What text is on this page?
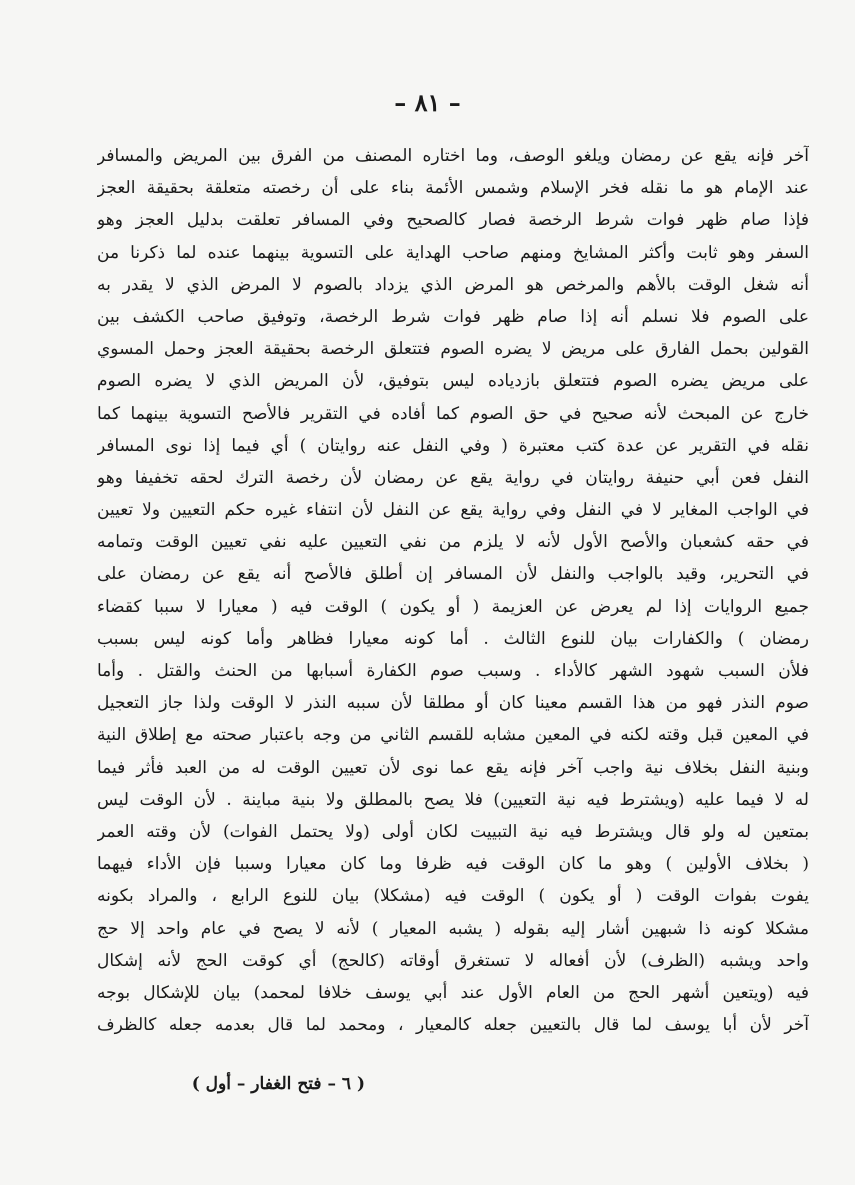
– ٨١ –
آخر فإنه يقع عن رمضان ويلغو الوصف، وما اختاره المصنف من الفرق بين المريض والمسافر
عند الإمام هو ما نقله فخر الإسلام وشمس الأئمة بناء على أن رخصته متعلقة بحقيقة العجز
فإذا صام ظهر فوات شرط الرخصة فصار كالصحيح وفي المسافر تعلقت بدليل العجز وهو
السفر وهو ثابت وأكثر المشايخ ومنهم صاحب الهداية على التسوية بينهما عنده لما ذكرنا من
أنه شغل الوقت بالأهم والمرخص هو المرض الذي يزداد بالصوم لا المرض الذي لا يقدر به
على الصوم فلا نسلم أنه إذا صام ظهر فوات شرط الرخصة، وتوفيق صاحب الكشف بين
القولين بحمل الفارق على مريض لا يضره الصوم فتتعلق الرخصة بحقيقة العجز وحمل المسوي
على مريض يضره الصوم فتتعلق بازدياده ليس بتوفيق، لأن المريض الذي لا يضره الصوم
خارج عن المبحث لأنه صحيح في حق الصوم كما أفاده في التقرير فالأصح التسوية بينهما كما
نقله في التقرير عن عدة كتب معتبرة ( وفي النفل عنه روايتان ) أي فيما إذا نوى المسافر
النفل فعن أبي حنيفة روايتان في رواية يقع عن رمضان لأن رخصة الترك لحقه تخفيفا وهو
في الواجب المغاير لا في النفل وفي رواية يقع عن النفل لأن انتفاء غيره حكم التعيين ولا تعيين
في حقه كشعبان والأصح الأول لأنه لا يلزم من نفي التعيين عليه نفي تعيين الوقت وتمامه
في التحرير، وقيد بالواجب والنفل لأن المسافر إن أطلق فالأصح أنه يقع عن رمضان على
جميع الروايات إذا لم يعرض عن العزيمة ( أو يكون ) الوقت فيه ( معيارا لا سببا كقضاء
رمضان ) والكفارات بيان للنوع الثالث . أما كونه معيارا فظاهر وأما كونه ليس بسبب
فلأن السبب شهود الشهر كالأداء . وسبب صوم الكفارة أسبابها من الحنث والقتل . وأما
صوم النذر فهو من هذا القسم معينا كان أو مطلقا لأن سببه النذر لا الوقت ولذا جاز التعجيل
في المعين قبل وقته لكنه في المعين مشابه للقسم الثاني من وجه باعتبار صحته مع إطلاق النية
وبنية النفل بخلاف نية واجب آخر فإنه يقع عما نوى لأن تعيين الوقت له من العبد فأثر فيما
له لا فيما عليه (ويشترط فيه نية التعيين) فلا يصح بالمطلق ولا بنية مباينة . لأن الوقت ليس
بمتعين له ولو قال ويشترط فيه نية التبييت لكان أولى (ولا يحتمل الفوات) لأن وقته العمر
( بخلاف الأولين ) وهو ما كان الوقت فيه ظرفا وما كان معيارا وسببا فإن الأداء فيهما
يفوت بفوات الوقت ( أو يكون ) الوقت فيه (مشكلا) بيان للنوع الرابع ، والمراد بكونه
مشكلا كونه ذا شبهين أشار إليه بقوله ( يشبه المعيار ) لأنه لا يصح في عام واحد إلا حج
واحد ويشبه (الظرف) لأن أفعاله لا تستغرق أوقاته (كالحج) أي كوقت الحج لأنه إشكال
فيه (ويتعين أشهر الحج من العام الأول عند أبي يوسف خلافا لمحمد) بيان للإشكال بوجه
آخر لأن أبا يوسف لما قال بالتعيين جعله كالمعيار ، ومحمد لما قال بعدمه جعله كالظرف
( ٦ – فتح الغفار – أول )
